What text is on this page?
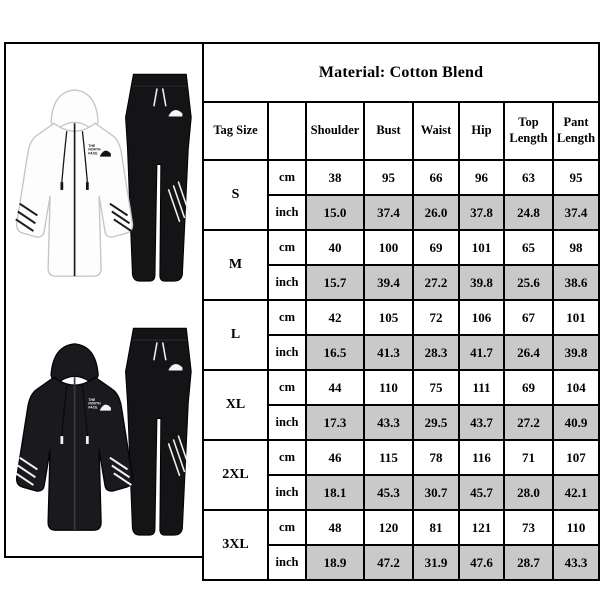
THE
NORTH
FACE
THE
NORTH
FACE
Material: Cotton Blend							
Tag Size		Shoulder	Bust	Waist	Hip	Top Length	Pant Length
S	cm	38	95	66	96	63	95
	inch	15.0	37.4	26.0	37.8	24.8	37.4
M	cm	40	100	69	101	65	98
	inch	15.7	39.4	27.2	39.8	25.6	38.6
L	cm	42	105	72	106	67	101
	inch	16.5	41.3	28.3	41.7	26.4	39.8
XL	cm	44	110	75	111	69	104
	inch	17.3	43.3	29.5	43.7	27.2	40.9
2XL	cm	46	115	78	116	71	107
	inch	18.1	45.3	30.7	45.7	28.0	42.1
3XL	cm	48	120	81	121	73	110
	inch	18.9	47.2	31.9	47.6	28.7	43.3
